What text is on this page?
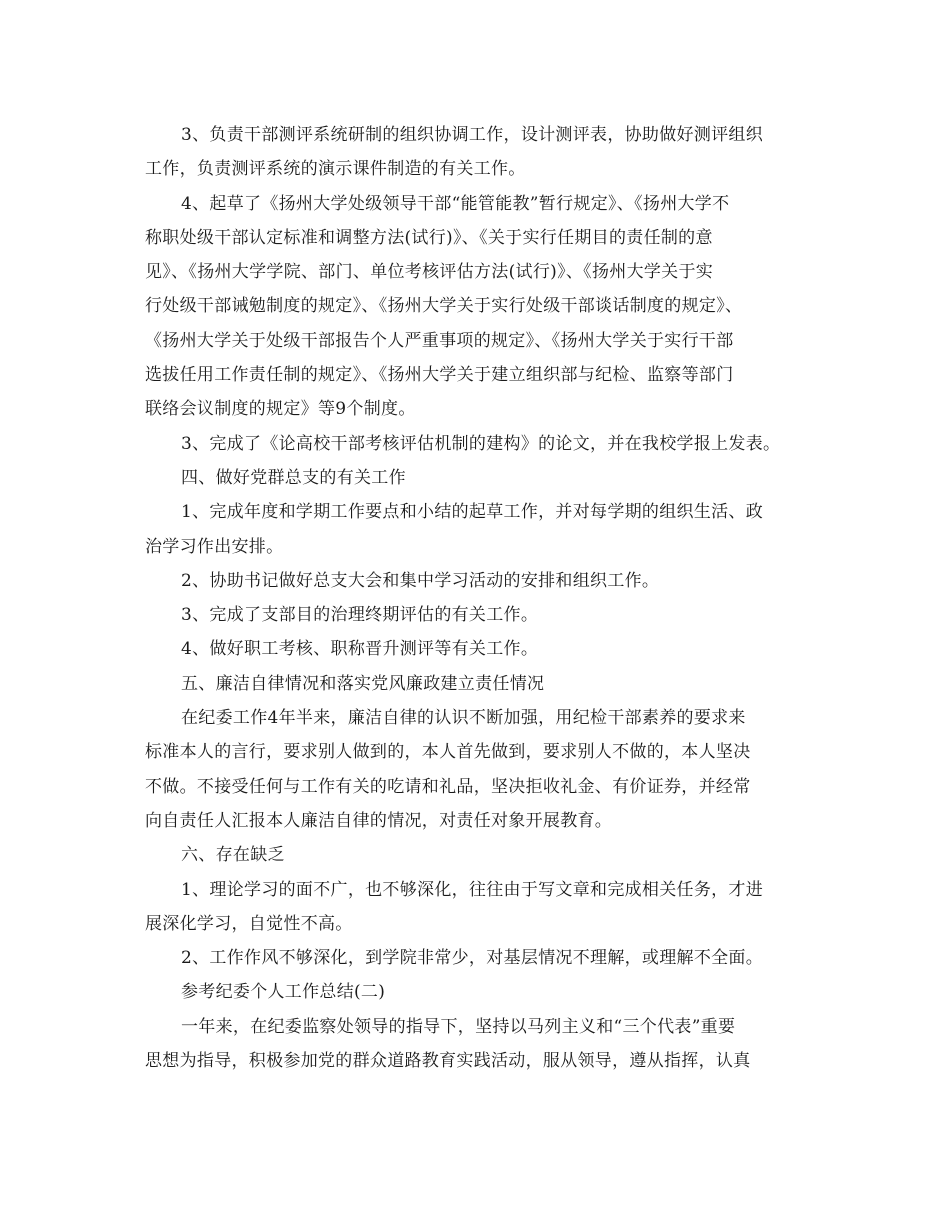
3、负责干部测评系统研制的组织协调工作，设计测评表，协助做好测评组织
工作，负责测评系统的演示课件制造的有关工作。
4、起草了《扬州大学处级领导干部“能管能教”暂行规定》、《扬州大学不
称职处级干部认定标准和调整方法(试行)》、《关于实行任期目的责任制的意
见》、《扬州大学学院、部门、单位考核评估方法(试行)》、《扬州大学关于实
行处级干部诫勉制度的规定》、《扬州大学关于实行处级干部谈话制度的规定》、
《扬州大学关于处级干部报告个人严重事项的规定》、《扬州大学关于实行干部
选拔任用工作责任制的规定》、《扬州大学关于建立组织部与纪检、监察等部门
联络会议制度的规定》等9个制度。
3、完成了《论高校干部考核评估机制的建构》的论文，并在我校学报上发表。
四、做好党群总支的有关工作
1、完成年度和学期工作要点和小结的起草工作，并对每学期的组织生活、政
治学习作出安排。
2、协助书记做好总支大会和集中学习活动的安排和组织工作。
3、完成了支部目的治理终期评估的有关工作。
4、做好职工考核、职称晋升测评等有关工作。
五、廉洁自律情况和落实党风廉政建立责任情况
在纪委工作4年半来，廉洁自律的认识不断加强，用纪检干部素养的要求来
标准本人的言行，要求别人做到的，本人首先做到，要求别人不做的，本人坚决
不做。不接受任何与工作有关的吃请和礼品，坚决拒收礼金、有价证券，并经常
向自责任人汇报本人廉洁自律的情况，对责任对象开展教育。
六、存在缺乏
1、理论学习的面不广，也不够深化，往往由于写文章和完成相关任务，才进
展深化学习，自觉性不高。
2、工作作风不够深化，到学院非常少，对基层情况不理解，或理解不全面。
参考纪委个人工作总结(二)
一年来，在纪委监察处领导的指导下，坚持以马列主义和“三个代表”重要
思想为指导，积极参加党的群众道路教育实践活动，服从领导，遵从指挥，认真
